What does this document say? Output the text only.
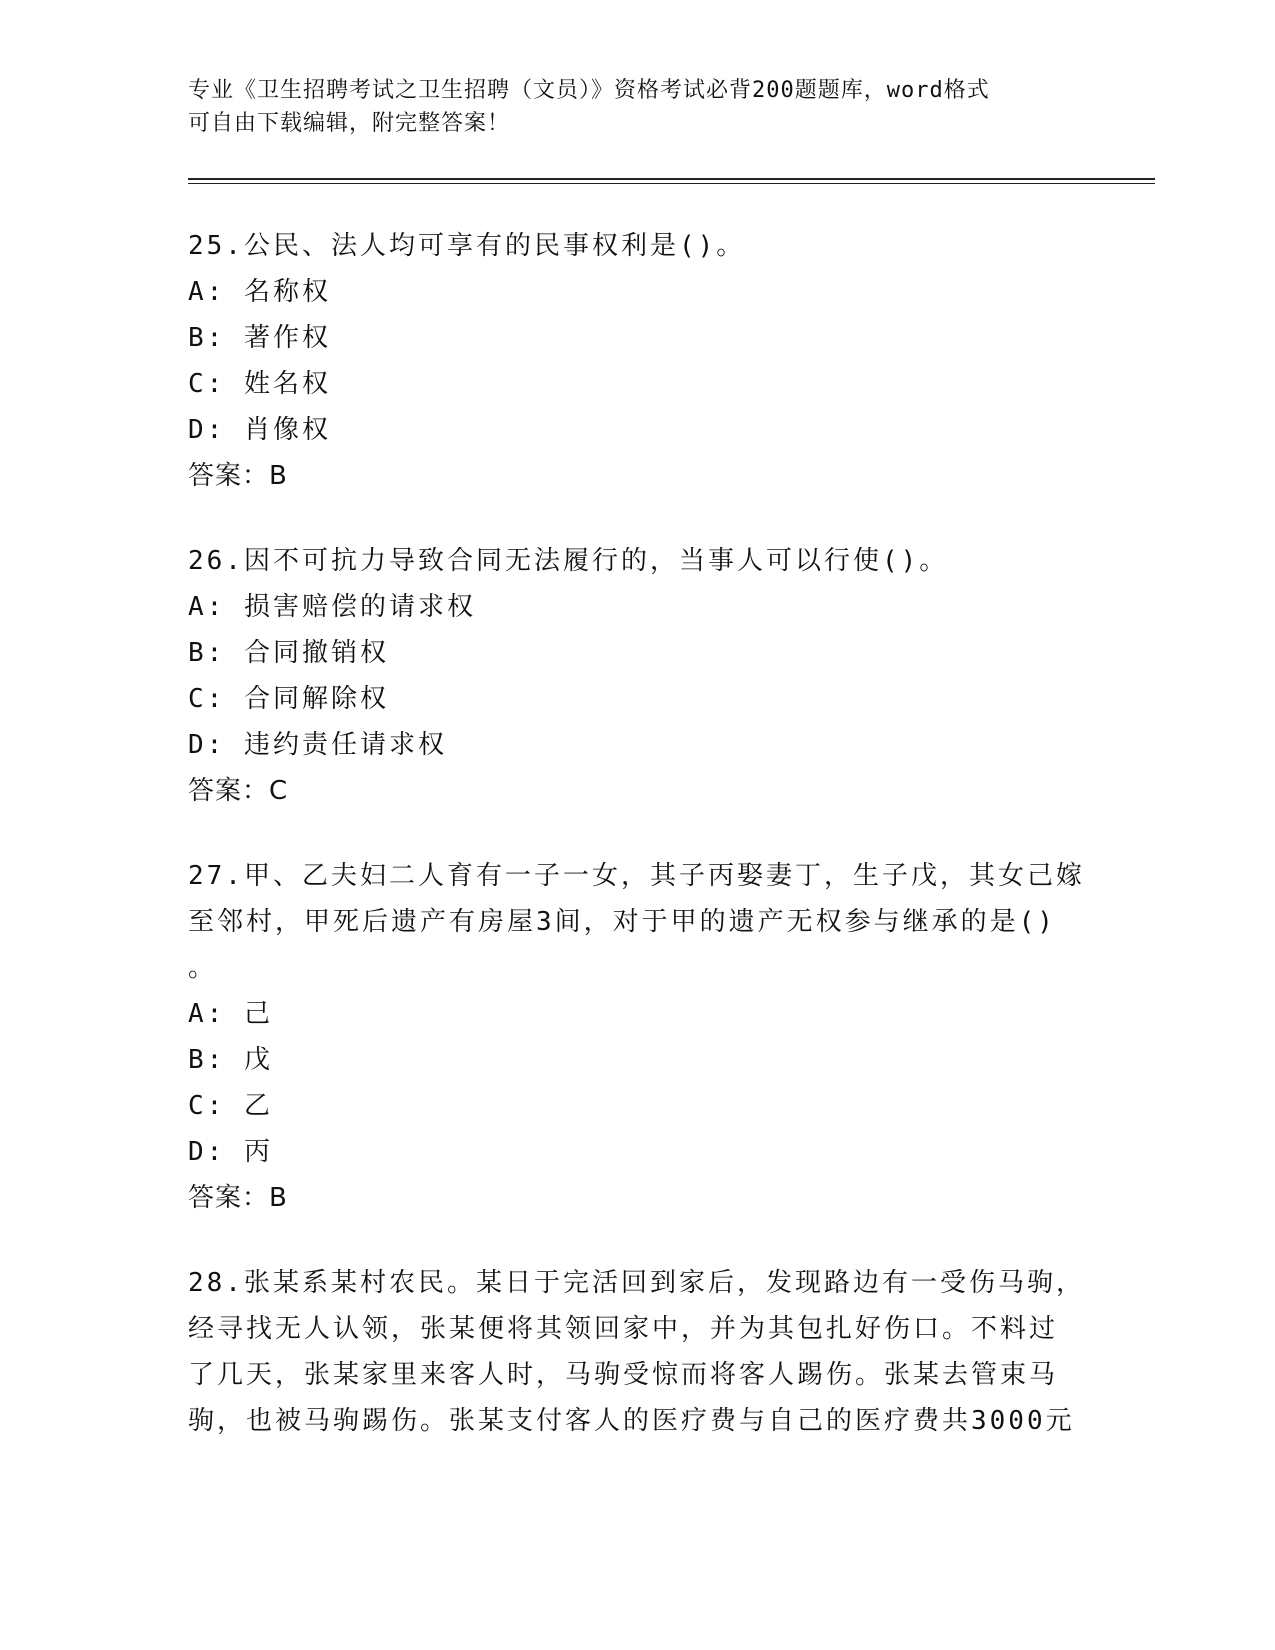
专业《卫生招聘考试之卫生招聘（文员）》资格考试必背200题题库，word格式
可自由下载编辑，附完整答案！
25.公民、法人均可享有的民事权利是()。
A: 名称权
B: 著作权
C: 姓名权
D: 肖像权
答案：B
26.因不可抗力导致合同无法履行的，当事人可以行使()。
A: 损害赔偿的请求权
B: 合同撤销权
C: 合同解除权
D: 违约责任请求权
答案：C
27.甲、乙夫妇二人育有一子一女，其子丙娶妻丁，生子戊，其女己嫁
至邻村，甲死后遗产有房屋3间，对于甲的遗产无权参与继承的是()
。
A: 己
B: 戊
C: 乙
D: 丙
答案：B
28.张某系某村农民。某日于完活回到家后，发现路边有一受伤马驹，
经寻找无人认领，张某便将其领回家中，并为其包扎好伤口。不料过
了几天，张某家里来客人时，马驹受惊而将客人踢伤。张某去管束马
驹，也被马驹踢伤。张某支付客人的医疗费与自己的医疗费共3000元
